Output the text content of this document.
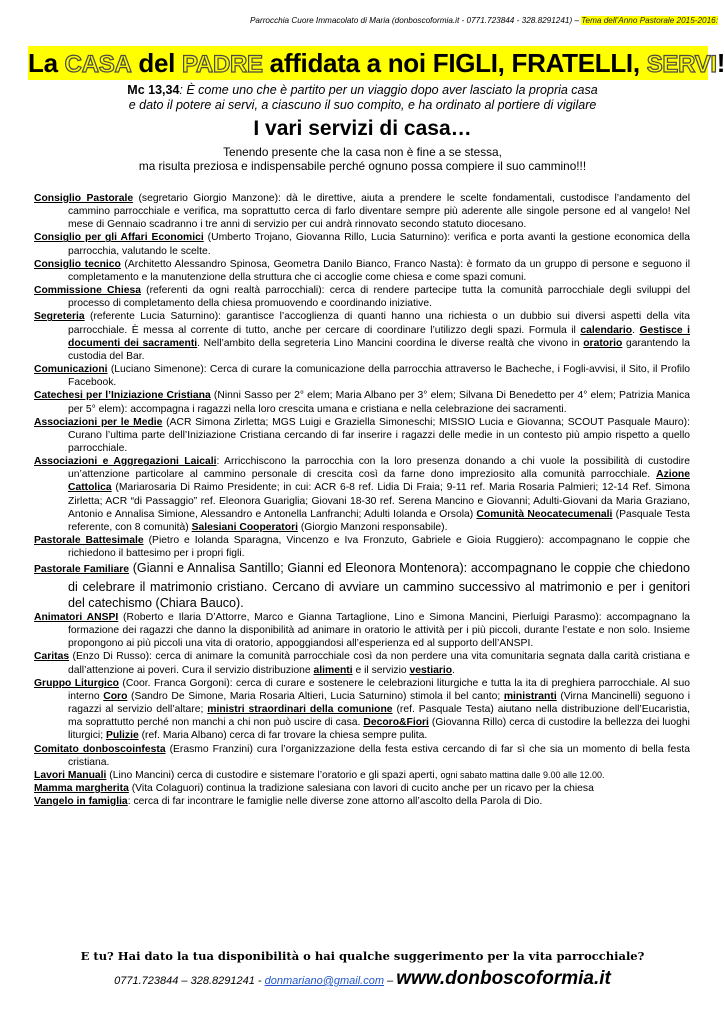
Parrocchia Cuore Immacolato di Maria (donboscoformia.it - 0771.723844 - 328.8291241) – Tema dell’Anno Pastorale 2015-2016:
La CASA del PADRE affidata a noi FIGLI, FRATELLI, SERVI!
Mc 13,34: È come uno che è partito per un viaggio dopo aver lasciato la propria casa
e dato il potere ai servi, a ciascuno il suo compito, e ha ordinato al portiere di vigilare
I vari servizi di casa…
Tenendo presente che la casa non è fine a se stessa,
ma risulta preziosa e indispensabile perché ognuno possa compiere il suo cammino!!!
Consiglio Pastorale (segretario Giorgio Manzone): dà le direttive, aiuta a prendere le scelte fondamentali, custodisce l’andamento del cammino parrocchiale e verifica, ma soprattutto cerca di farlo diventare sempre più aderente alle singole persone ed al vangelo! Nel mese di Gennaio scadranno i tre anni di servizio per cui andrà rinnovato secondo statuto diocesano.
Consiglio per gli Affari Economici (Umberto Trojano, Giovanna Rillo, Lucia Saturnino): verifica e porta avanti la gestione economica della parrocchia, valutando le scelte.
Consiglio tecnico (Architetto Alessandro Spinosa, Geometra Danilo Bianco, Franco Nasta): è formato da un gruppo di persone e seguono il completamento e la manutenzione della struttura che ci accoglie come chiesa e come spazi comuni.
Commissione Chiesa (referenti da ogni realtà parrocchiali): cerca di rendere partecipe tutta la comunità parrocchiale degli sviluppi del processo di completamento della chiesa promuovendo e coordinando iniziative.
Segreteria (referente Lucia Saturnino): garantisce l’accoglienza di quanti hanno una richiesta o un dubbio sui diversi aspetti della vita parrocchiale. È messa al corrente di tutto, anche per cercare di coordinare l’utilizzo degli spazi. Formula il calendario. Gestisce i documenti dei sacramenti. Nell’ambito della segreteria Lino Mancini coordina le diverse realtà che vivono in oratorio garantendo la custodia del Bar.
Comunicazioni (Luciano Simenone): Cerca di curare la comunicazione della parrocchia attraverso le Bacheche, i Fogli-avvisi, il Sito, il Profilo Facebook.
Catechesi per l’Iniziazione Cristiana (Ninni Sasso per 2° elem; Maria Albano per 3° elem; Silvana Di Benedetto per 4° elem; Patrizia Manica per 5° elem): accompagna i ragazzi nella loro crescita umana e cristiana e nella celebrazione dei sacramenti.
Associazioni per le Medie (ACR Simona Zirletta; MGS Luigi e Graziella Simoneschi; MISSIO Lucia e Giovanna; SCOUT Pasquale Mauro): Curano l’ultima parte dell’Iniziazione Cristiana cercando di far inserire i ragazzi delle medie in un contesto più ampio rispetto a quello parrocchiale.
Associazioni e Aggregazioni Laicali: Arricchiscono la parrocchia con la loro presenza donando a chi vuole la possibilità di custodire un’attenzione particolare al cammino personale di crescita così da farne dono impreziosito alla comunità parrocchiale. Azione Cattolica (Mariarosaria Di Raimo Presidente; in cui: ACR 6-8 ref. Lidia Di Fraia; 9-11 ref. Maria Rosaria Palmieri; 12-14 Ref. Simona Zirletta; ACR “di Passaggio” ref. Eleonora Guariglia; Giovani 18-30 ref. Serena Mancino e Giovanni; Adulti-Giovani da Maria Graziano, Antonio e Annalisa Simione, Alessandro e Antonella Lanfranchi; Adulti Iolanda e Orsola) Comunità Neocatecumenali (Pasquale Testa referente, con 8 comunità) Salesiani Cooperatori (Giorgio Manzoni responsabile).
Pastorale Battesimale (Pietro e Iolanda Sparagna, Vincenzo e Iva Fronzuto, Gabriele e Gioia Ruggiero): accompagnano le coppie che richiedono il battesimo per i propri figli.
Pastorale Familiare (Gianni e Annalisa Santillo; Gianni ed Eleonora Montenora): accompagnano le coppie che chiedono di celebrare il matrimonio cristiano. Cercano di avviare un cammino successivo al matrimonio e per i genitori del catechismo (Chiara Bauco).
Animatori ANSPI (Roberto e Ilaria D’Attorre, Marco e Gianna Tartaglione, Lino e Simona Mancini, Pierluigi Parasmo): accompagnano la formazione dei ragazzi che danno la disponibilità ad animare in oratorio le attività per i più piccoli, durante l’estate e non solo. Insieme propongono ai più piccoli una vita di oratorio, appoggiandosi all’esperienza ed al supporto dell’ANSPI.
Caritas (Enzo Di Russo): cerca di animare la comunità parrocchiale così da non perdere una vita comunitaria segnata dalla carità cristiana e dall’attenzione ai poveri. Cura il servizio distribuzione alimenti e il servizio vestiario.
Gruppo Liturgico (Coor. Franca Gorgoni): cerca di curare e sostenere le celebrazioni liturgiche e tutta la ita di preghiera parrocchiale. Al suo interno Coro (Sandro De Simone, Maria Rosaria Altieri, Lucia Saturnino) stimola il bel canto; ministranti (Virna Mancinelli) seguono i ragazzi al servizio dell’altare; ministri straordinari della comunione (ref. Pasquale Testa) aiutano nella distribuzione dell’Eucaristia, ma soprattutto perché non manchi a chi non può uscire di casa. Decoro&Fiori (Giovanna Rillo) cerca di custodire la bellezza dei luoghi liturgici; Pulizie (ref. Maria Albano) cerca di far trovare la chiesa sempre pulita.
Comitato donboscoinfesta (Erasmo Franzini) cura l’organizzazione della festa estiva cercando di far sì che sia un momento di bella festa cristiana.
Lavori Manuali (Lino Mancini) cerca di custodire e sistemare l’oratorio e gli spazi aperti, ogni sabato mattina dalle 9.00 alle 12.00.
Mamma margherita (Vita Colaguori) continua la tradizione salesiana con lavori di cucito anche per un ricavo per la chiesa
Vangelo in famiglia: cerca di far incontrare le famiglie nelle diverse zone attorno all’ascolto della Parola di Dio.
E tu? Hai dato la tua disponibilità o hai qualche suggerimento per la vita parrocchiale?
0771.723844 – 328.8291241 - donmariano@gmail.com – www.donboscoformia.it
